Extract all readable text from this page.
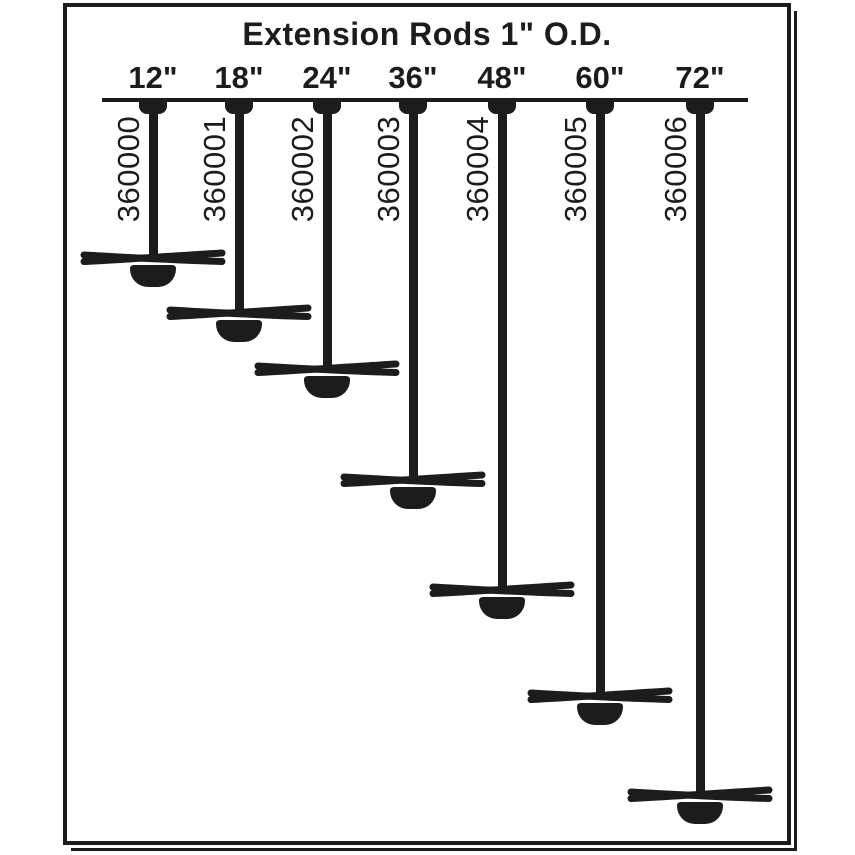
Extension Rods 1" O.D.
12"
360000
18"
360001
24"
360002
36"
360003
48"
360004
60"
360005
72"
360006
